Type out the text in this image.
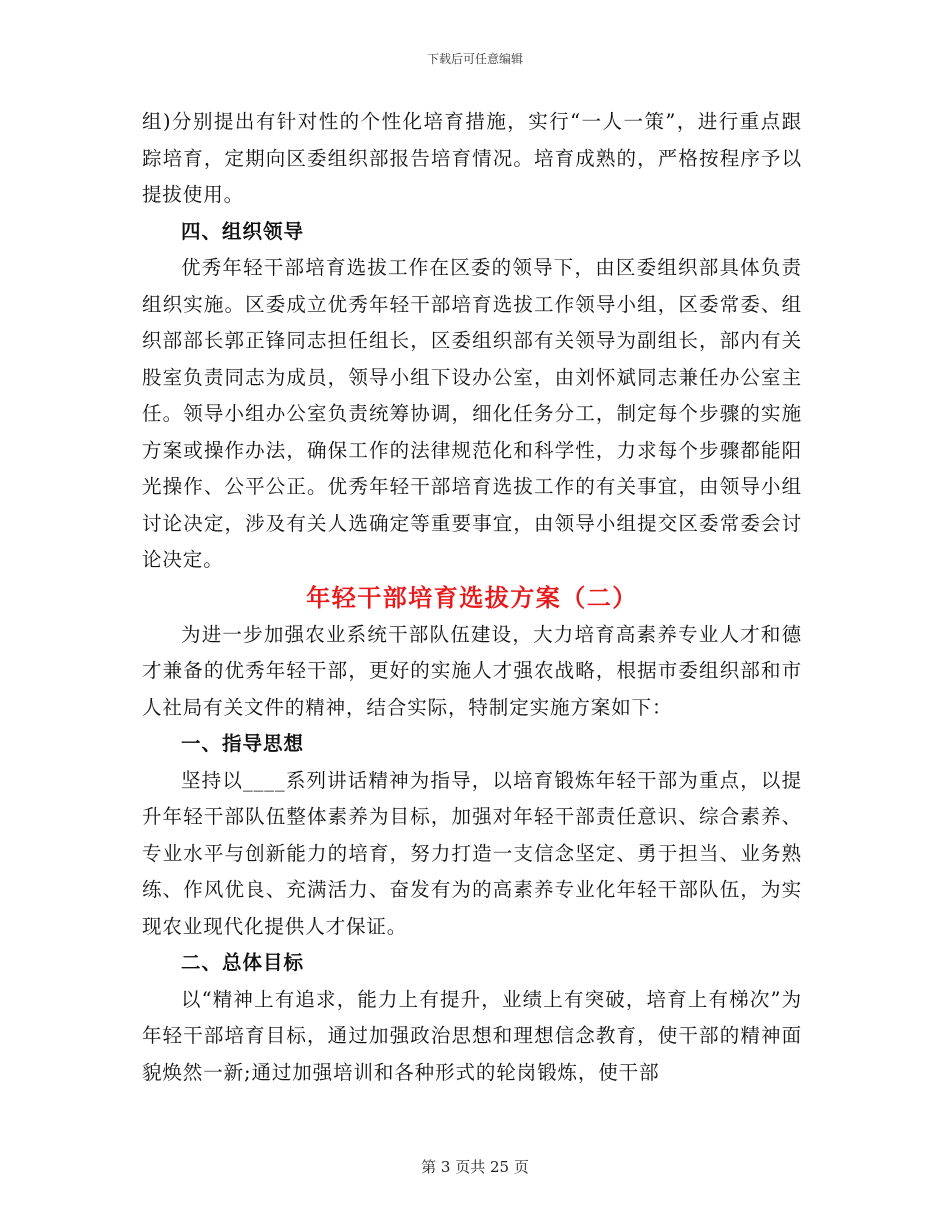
下载后可任意编辑

组)分别提出有针对性的个性化培育措施，实行“一人一策”，进行重点跟踪培育，定期向区委组织部报告培育情况。培育成熟的，严格按程序予以提拔使用。

四、组织领导

优秀年轻干部培育选拔工作在区委的领导下，由区委组织部具体负责组织实施。区委成立优秀年轻干部培育选拔工作领导小组，区委常委、组织部部长郭正锋同志担任组长，区委组织部有关领导为副组长，部内有关股室负责同志为成员，领导小组下设办公室，由刘怀斌同志兼任办公室主任。领导小组办公室负责统筹协调，细化任务分工，制定每个步骤的实施方案或操作办法，确保工作的法律规范化和科学性，力求每个步骤都能阳光操作、公平公正。优秀年轻干部培育选拔工作的有关事宜，由领导小组讨论决定，涉及有关人选确定等重要事宜，由领导小组提交区委常委会讨论决定。

年轻干部培育选拔方案（二）

为进一步加强农业系统干部队伍建设，大力培育高素养专业人才和德才兼备的优秀年轻干部，更好的实施人才强农战略，根据市委组织部和市人社局有关文件的精神，结合实际，特制定实施方案如下：

一、指导思想

坚持以____系列讲话精神为指导，以培育锻炼年轻干部为重点，以提升年轻干部队伍整体素养为目标，加强对年轻干部责任意识、综合素养、专业水平与创新能力的培育，努力打造一支信念坚定、勇于担当、业务熟练、作风优良、充满活力、奋发有为的高素养专业化年轻干部队伍，为实现农业现代化提供人才保证。

二、总体目标

以“精神上有追求，能力上有提升，业绩上有突破，培育上有梯次”为年轻干部培育目标，通过加强政治思想和理想信念教育，使干部的精神面貌焕然一新;通过加强培训和各种形式的轮岗锻炼，使干部

第 3 页共 25 页
